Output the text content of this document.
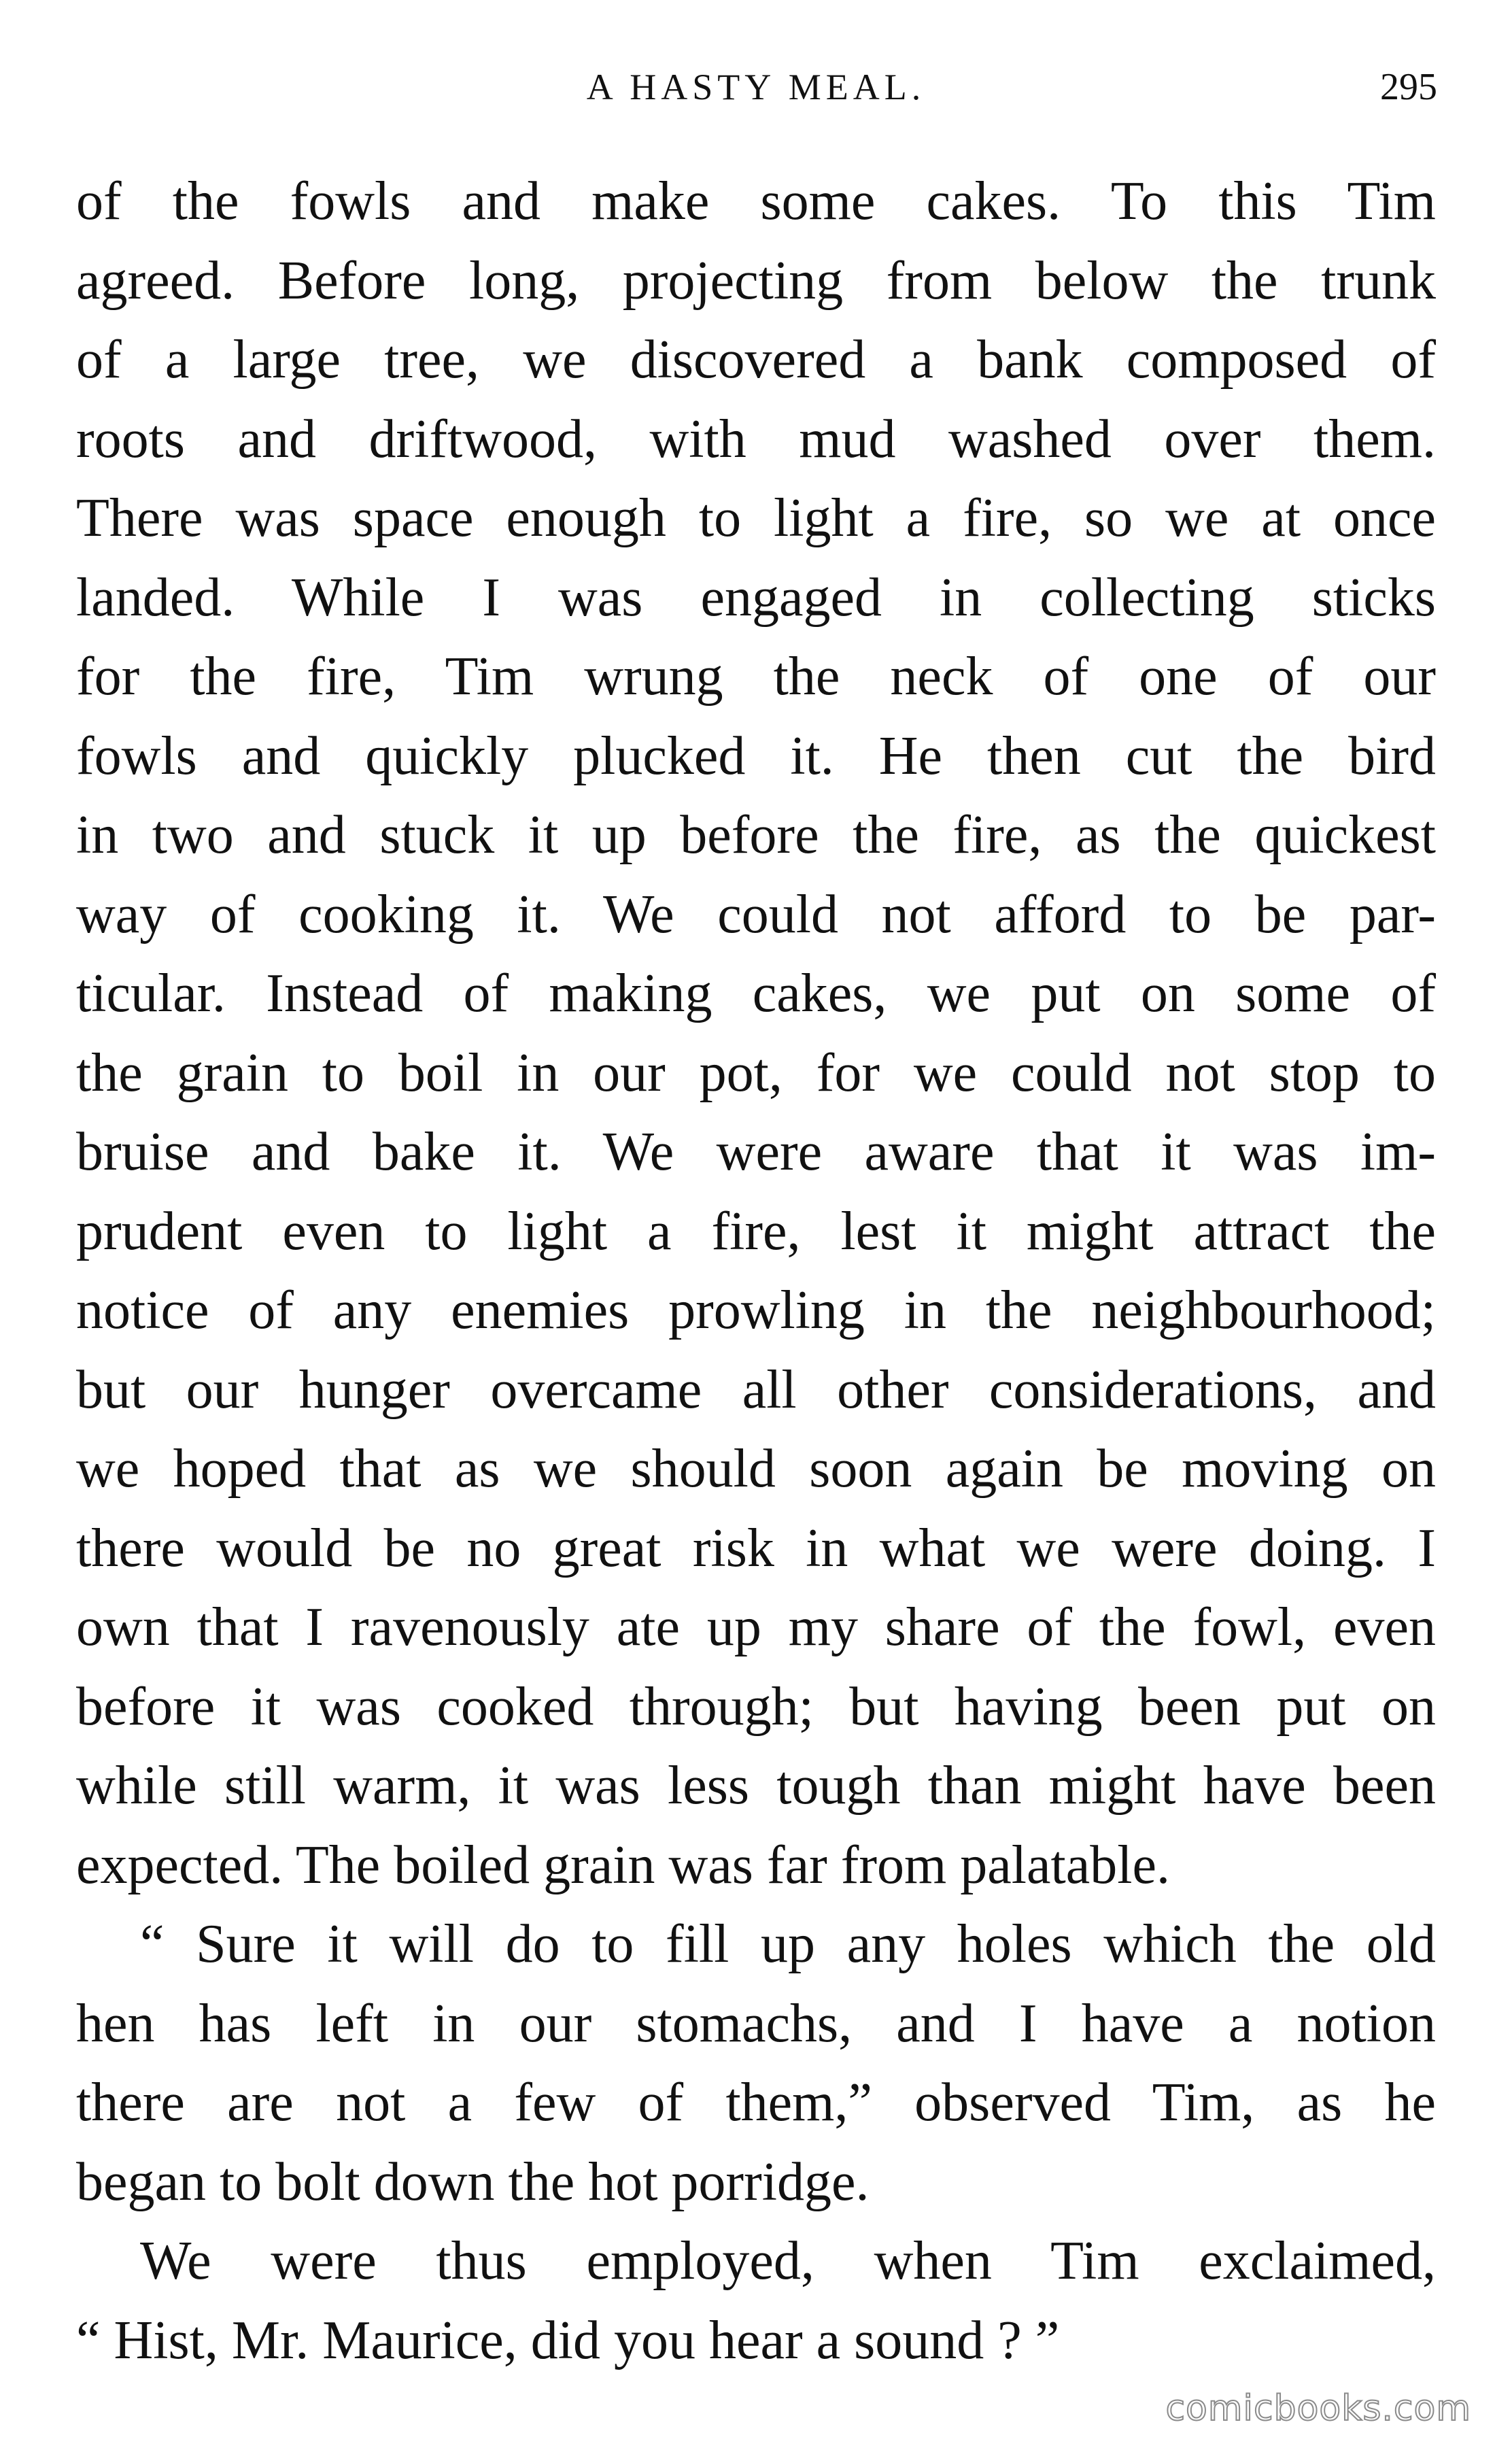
A HASTY MEAL.	295
of the fowls and make some cakes. To this Tim
agreed. Before long, projecting from below the trunk
of a large tree, we discovered a bank composed of
roots and driftwood, with mud washed over them.
There was space enough to light a fire, so we at once
landed. While I was engaged in collecting sticks
for the fire, Tim wrung the neck of one of our
fowls and quickly plucked it. He then cut the bird
in two and stuck it up before the fire, as the quickest
way of cooking it. We could not afford to be par-
ticular. Instead of making cakes, we put on some of
the grain to boil in our pot, for we could not stop to
bruise and bake it. We were aware that it was im-
prudent even to light a fire, lest it might attract the
notice of any enemies prowling in the neighbourhood;
but our hunger overcame all other considerations, and
we hoped that as we should soon again be moving on
there would be no great risk in what we were doing. I
own that I ravenously ate up my share of the fowl, even
before it was cooked through; but having been put on
while still warm, it was less tough than might have been
expected. The boiled grain was far from palatable.
“ Sure it will do to fill up any holes which the old
hen has left in our stomachs, and I have a notion
there are not a few of them,” observed Tim, as he
began to bolt down the hot porridge.
We were thus employed, when Tim exclaimed,
“ Hist, Mr. Maurice, did you hear a sound ? ”
comicbooks.com
